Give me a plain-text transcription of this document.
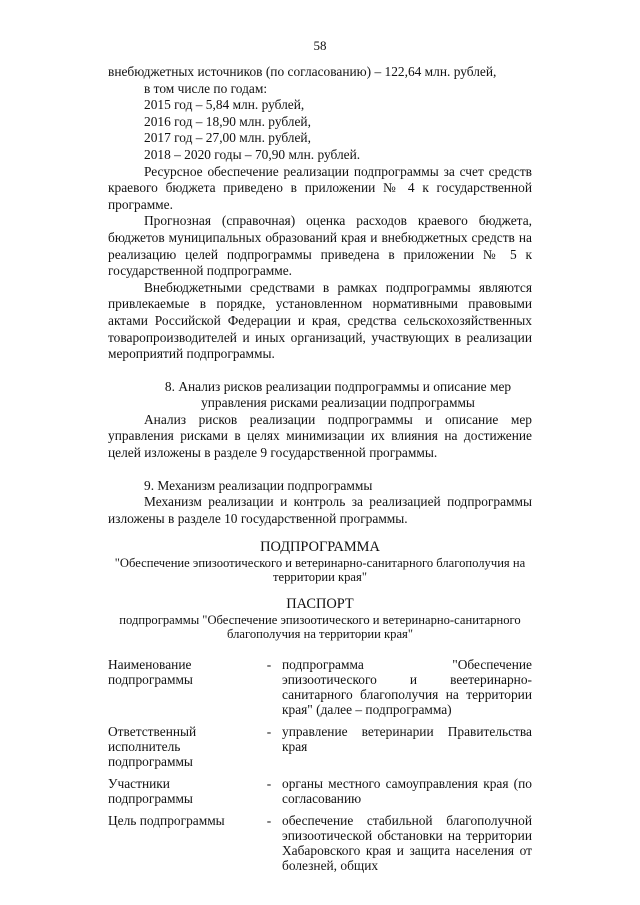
58

внебюджетных источников (по согласованию) – 122,64 млн. рублей,

в том числе по годам:

2015 год – 5,84 млн. рублей,

2016 год – 18,90 млн. рублей,

2017 год – 27,00 млн. рублей,

2018 – 2020 годы – 70,90 млн. рублей.

Ресурсное обеспечение реализации подпрограммы за счет средств краевого бюджета приведено в приложении № 4 к государственной программе.

Прогнозная (справочная) оценка расходов краевого бюджета, бюджетов муниципальных образований края и внебюджетных средств на реализацию целей подпрограммы приведена в приложении № 5 к государственной подпрограмме.

Внебюджетными средствами в рамках подпрограммы являются привлекаемые в порядке, установленном нормативными правовыми актами Российской Федерации и края, средства сельскохозяйственных товаропроизводителей и иных организаций, участвующих в реализации мероприятий подпрограммы.

8. Анализ рисков реализации подпрограммы и описание мер управления рисками реализации подпрограммы

Анализ рисков реализации подпрограммы и описание мер управления рисками в целях минимизации их влияния на достижение целей изложены в разделе 9 государственной программы.

9. Механизм реализации подпрограммы

Механизм реализации и контроль за реализацией подпрограммы изложены в разделе 10 государственной программы.

ПОДПРОГРАММА
"Обеспечение эпизоотического и ветеринарно-санитарного благополучия на территории края"
ПАСПОРТ
подпрограммы "Обеспечение эпизоотического и ветеринарно-санитарного благополучия на территории края"
Наименование подпрограммы	-	подпрограмма "Обеспечение эпизоотического и веетеринарно-санитарного благополучия на территории края" (далее – подпрограмма)
Ответственный исполнитель подпрограммы	-	управление ветеринарии Правительства края
Участники подпрограммы	-	органы местного самоуправления края (по согласованию
Цель подпрограммы	-	обеспечение стабильной благополучной эпизоотической обстановки на территории Хабаровского края и защита населения от болезней, общих
